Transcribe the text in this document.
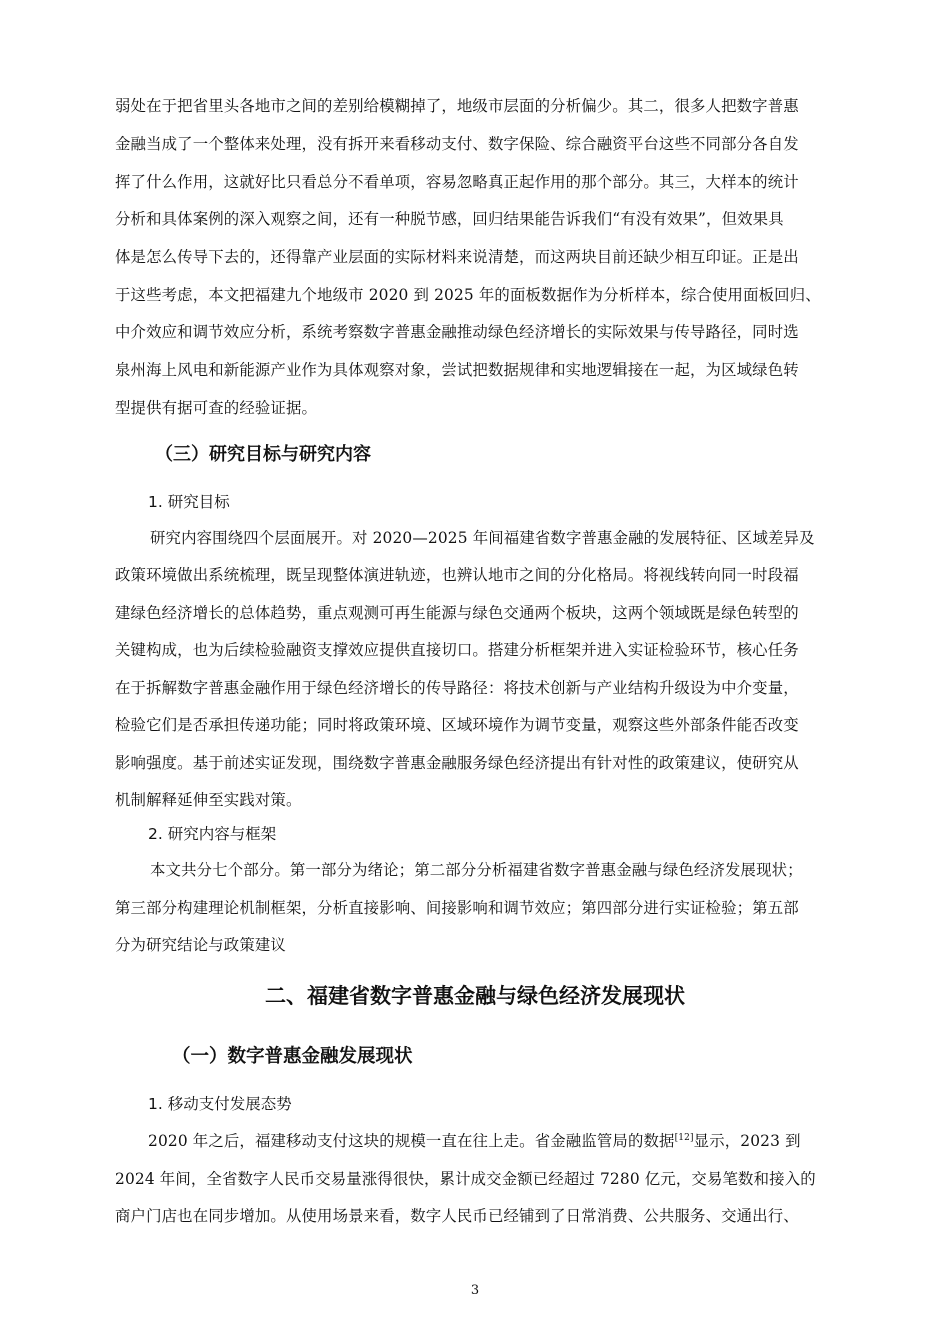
弱处在于把省里头各地市之间的差别给模糊掉了，地级市层面的分析偏少。其二，很多人把数字普惠
金融当成了一个整体来处理，没有拆开来看移动支付、数字保险、综合融资平台这些不同部分各自发
挥了什么作用，这就好比只看总分不看单项，容易忽略真正起作用的那个部分。其三，大样本的统计
分析和具体案例的深入观察之间，还有一种脱节感，回归结果能告诉我们“有没有效果”，但效果具
体是怎么传导下去的，还得靠产业层面的实际材料来说清楚，而这两块目前还缺少相互印证。正是出
于这些考虑，本文把福建九个地级市 2020 到 2025 年的面板数据作为分析样本，综合使用面板回归、
中介效应和调节效应分析，系统考察数字普惠金融推动绿色经济增长的实际效果与传导路径，同时选
泉州海上风电和新能源产业作为具体观察对象，尝试把数据规律和实地逻辑接在一起，为区域绿色转
型提供有据可查的经验证据。
（三）研究目标与研究内容
1. 研究目标
研究内容围绕四个层面展开。对 2020—2025 年间福建省数字普惠金融的发展特征、区域差异及
政策环境做出系统梳理，既呈现整体演进轨迹，也辨认地市之间的分化格局。将视线转向同一时段福
建绿色经济增长的总体趋势，重点观测可再生能源与绿色交通两个板块，这两个领域既是绿色转型的
关键构成，也为后续检验融资支撑效应提供直接切口。搭建分析框架并进入实证检验环节，核心任务
在于拆解数字普惠金融作用于绿色经济增长的传导路径：将技术创新与产业结构升级设为中介变量，
检验它们是否承担传递功能；同时将政策环境、区域环境作为调节变量，观察这些外部条件能否改变
影响强度。基于前述实证发现，围绕数字普惠金融服务绿色经济提出有针对性的政策建议，使研究从
机制解释延伸至实践对策。
2. 研究内容与框架
本文共分七个部分。第一部分为绪论；第二部分分析福建省数字普惠金融与绿色经济发展现状；
第三部分构建理论机制框架，分析直接影响、间接影响和调节效应；第四部分进行实证检验；第五部
分为研究结论与政策建议
二、福建省数字普惠金融与绿色经济发展现状
（一）数字普惠金融发展现状
1. 移动支付发展态势
2020 年之后，福建移动支付这块的规模一直在往上走。省金融监管局的数据[12]显示，2023 到
2024 年间，全省数字人民币交易量涨得很快，累计成交金额已经超过 7280 亿元，交易笔数和接入的
商户门店也在同步增加。从使用场景来看，数字人民币已经铺到了日常消费、公共服务、交通出行、
3
